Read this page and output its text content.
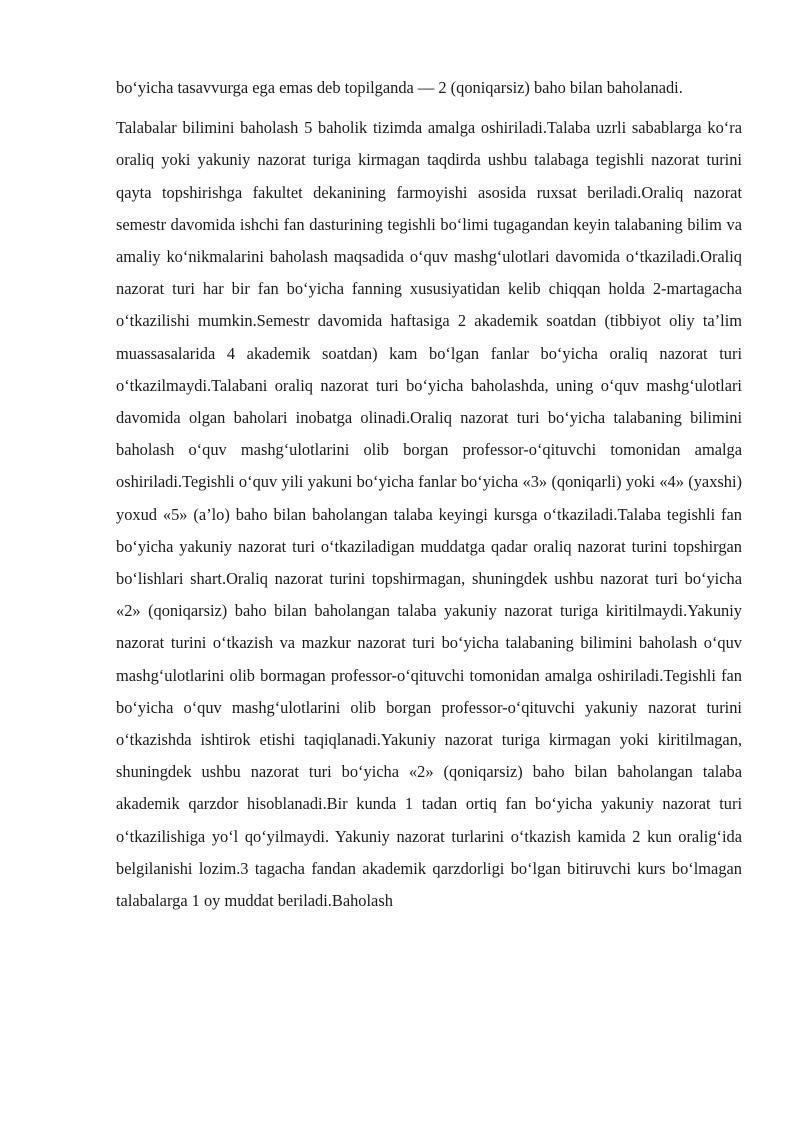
bo‘yicha tasavvurga ega emas deb topilganda — 2 (qoniqarsiz) baho bilan baholanadi.

Talabalar bilimini baholash 5 baholik tizimda amalga oshiriladi.Talaba uzrli sabablarga ko‘ra oraliq yoki yakuniy nazorat turiga kirmagan taqdirda ushbu talabaga tegishli nazorat turini qayta topshirishga fakultet dekanining farmoyishi asosida ruxsat beriladi.Oraliq nazorat semestr davomida ishchi fan dasturining tegishli bo‘limi tugagandan keyin talabaning bilim va amaliy ko‘nikmalarini baholash maqsadida o‘quv mashg‘ulotlari davomida o‘tkaziladi.Oraliq nazorat turi har bir fan bo‘yicha fanning xususiyatidan kelib chiqqan holda 2-martagacha o‘tkazilishi mumkin.Semestr davomida haftasiga 2 akademik soatdan (tibbiyot oliy ta’lim muassasalarida 4 akademik soatdan) kam bo‘lgan fanlar bo‘yicha oraliq nazorat turi o‘tkazilmaydi.Talabani oraliq nazorat turi bo‘yicha baholashda, uning o‘quv mashg‘ulotlari davomida olgan baholari inobatga olinadi.Oraliq nazorat turi bo‘yicha talabaning bilimini baholash o‘quv mashg‘ulotlarini olib borgan professor-o‘qituvchi tomonidan amalga oshiriladi.Tegishli o‘quv yili yakuni bo‘yicha fanlar bo‘yicha «3» (qoniqarli) yoki «4» (yaxshi) yoxud «5» (a’lo) baho bilan baholangan talaba keyingi kursga o‘tkaziladi.Talaba tegishli fan bo‘yicha yakuniy nazorat turi o‘tkaziladigan muddatga qadar oraliq nazorat turini topshirgan bo‘lishlari shart.Oraliq nazorat turini topshirmagan, shuningdek ushbu nazorat turi bo‘yicha «2» (qoniqarsiz) baho bilan baholangan talaba yakuniy nazorat turiga kiritilmaydi.Yakuniy nazorat turini o‘tkazish va mazkur nazorat turi bo‘yicha talabaning bilimini baholash o‘quv mashg‘ulotlarini olib bormagan professor-o‘qituvchi tomonidan amalga oshiriladi.Tegishli fan bo‘yicha o‘quv mashg‘ulotlarini olib borgan professor-o‘qituvchi yakuniy nazorat turini o‘tkazishda ishtirok etishi taqiqlanadi.Yakuniy nazorat turiga kirmagan yoki kiritilmagan, shuningdek ushbu nazorat turi bo‘yicha «2» (qoniqarsiz) baho bilan baholangan talaba akademik qarzdor hisoblanadi.Bir kunda 1 tadan ortiq fan bo‘yicha yakuniy nazorat turi o‘tkazilishiga yo‘l qo‘yilmaydi. Yakuniy nazorat turlarini o‘tkazish kamida 2 kun oralig‘ida belgilanishi lozim.3 tagacha fandan akademik qarzdorligi bo‘lgan bitiruvchi kurs bo‘lmagan talabalarga 1 oy muddat beriladi.Baholash
